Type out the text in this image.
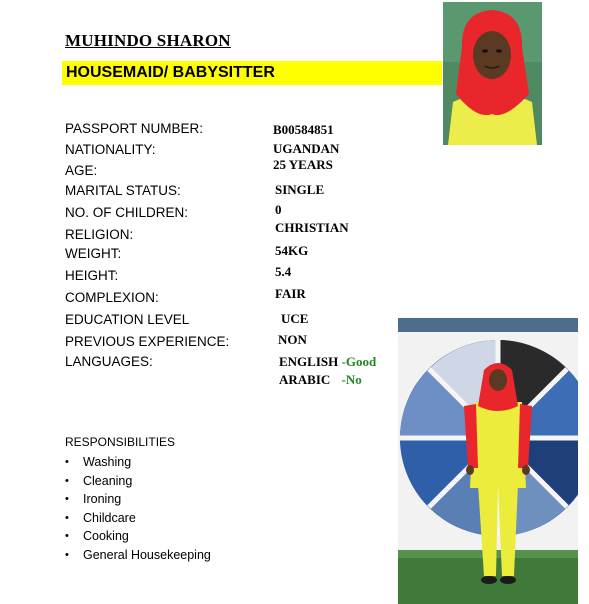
MUHINDO SHARON
HOUSEMAID/ BABYSITTER
PASSPORT NUMBER:
NATIONALITY:
AGE:
MARITAL STATUS:
NO. OF CHILDREN:
RELIGION:
WEIGHT:
HEIGHT:
COMPLEXION:
EDUCATION LEVEL
PREVIOUS EXPERIENCE:
LANGUAGES:
B00584851
UGANDAN
25 YEARS
SINGLE
0
CHRISTIAN
54KG
5.4
FAIR
UCE
NON
ENGLISH -Good
ARABIC -No
RESPONSIBILITIES
• Washing
• Cleaning
• Ironing
• Childcare
• Cooking
• General Housekeeping
